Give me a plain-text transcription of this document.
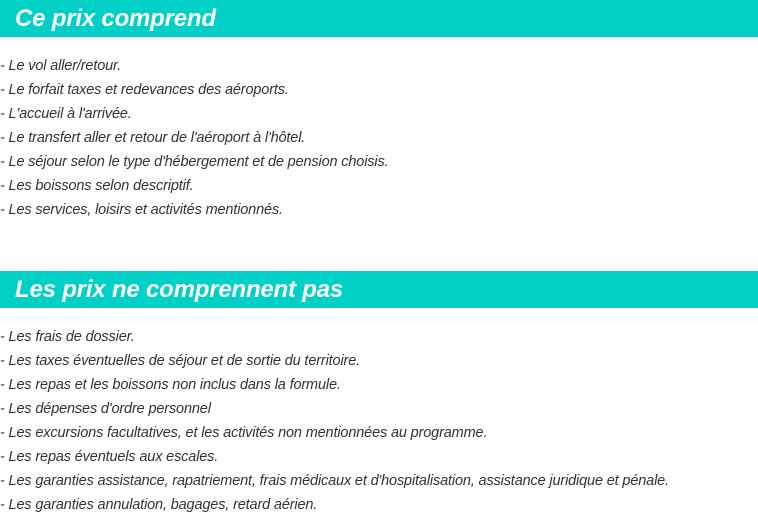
Ce prix comprend
- Le vol aller/retour.
- Le forfait taxes et redevances des aéroports.
- L'accueil à l'arrivée.
- Le transfert aller et retour de l'aéroport à l'hôtel.
- Le séjour selon le type d'hébergement et de pension choisis.
- Les boissons selon descriptif.
- Les services, loisirs et activités mentionnés.
Les prix ne comprennent pas
- Les frais de dossier.
- Les taxes éventuelles de séjour et de sortie du territoire.
- Les repas et les boissons non inclus dans la formule.
- Les dépenses d'ordre personnel
- Les excursions facultatives, et les activités non mentionnées au programme.
- Les repas éventuels aux escales.
- Les garanties assistance, rapatriement, frais médicaux et d'hospitalisation, assistance juridique et pénale.
- Les garanties annulation, bagages, retard aérien.
